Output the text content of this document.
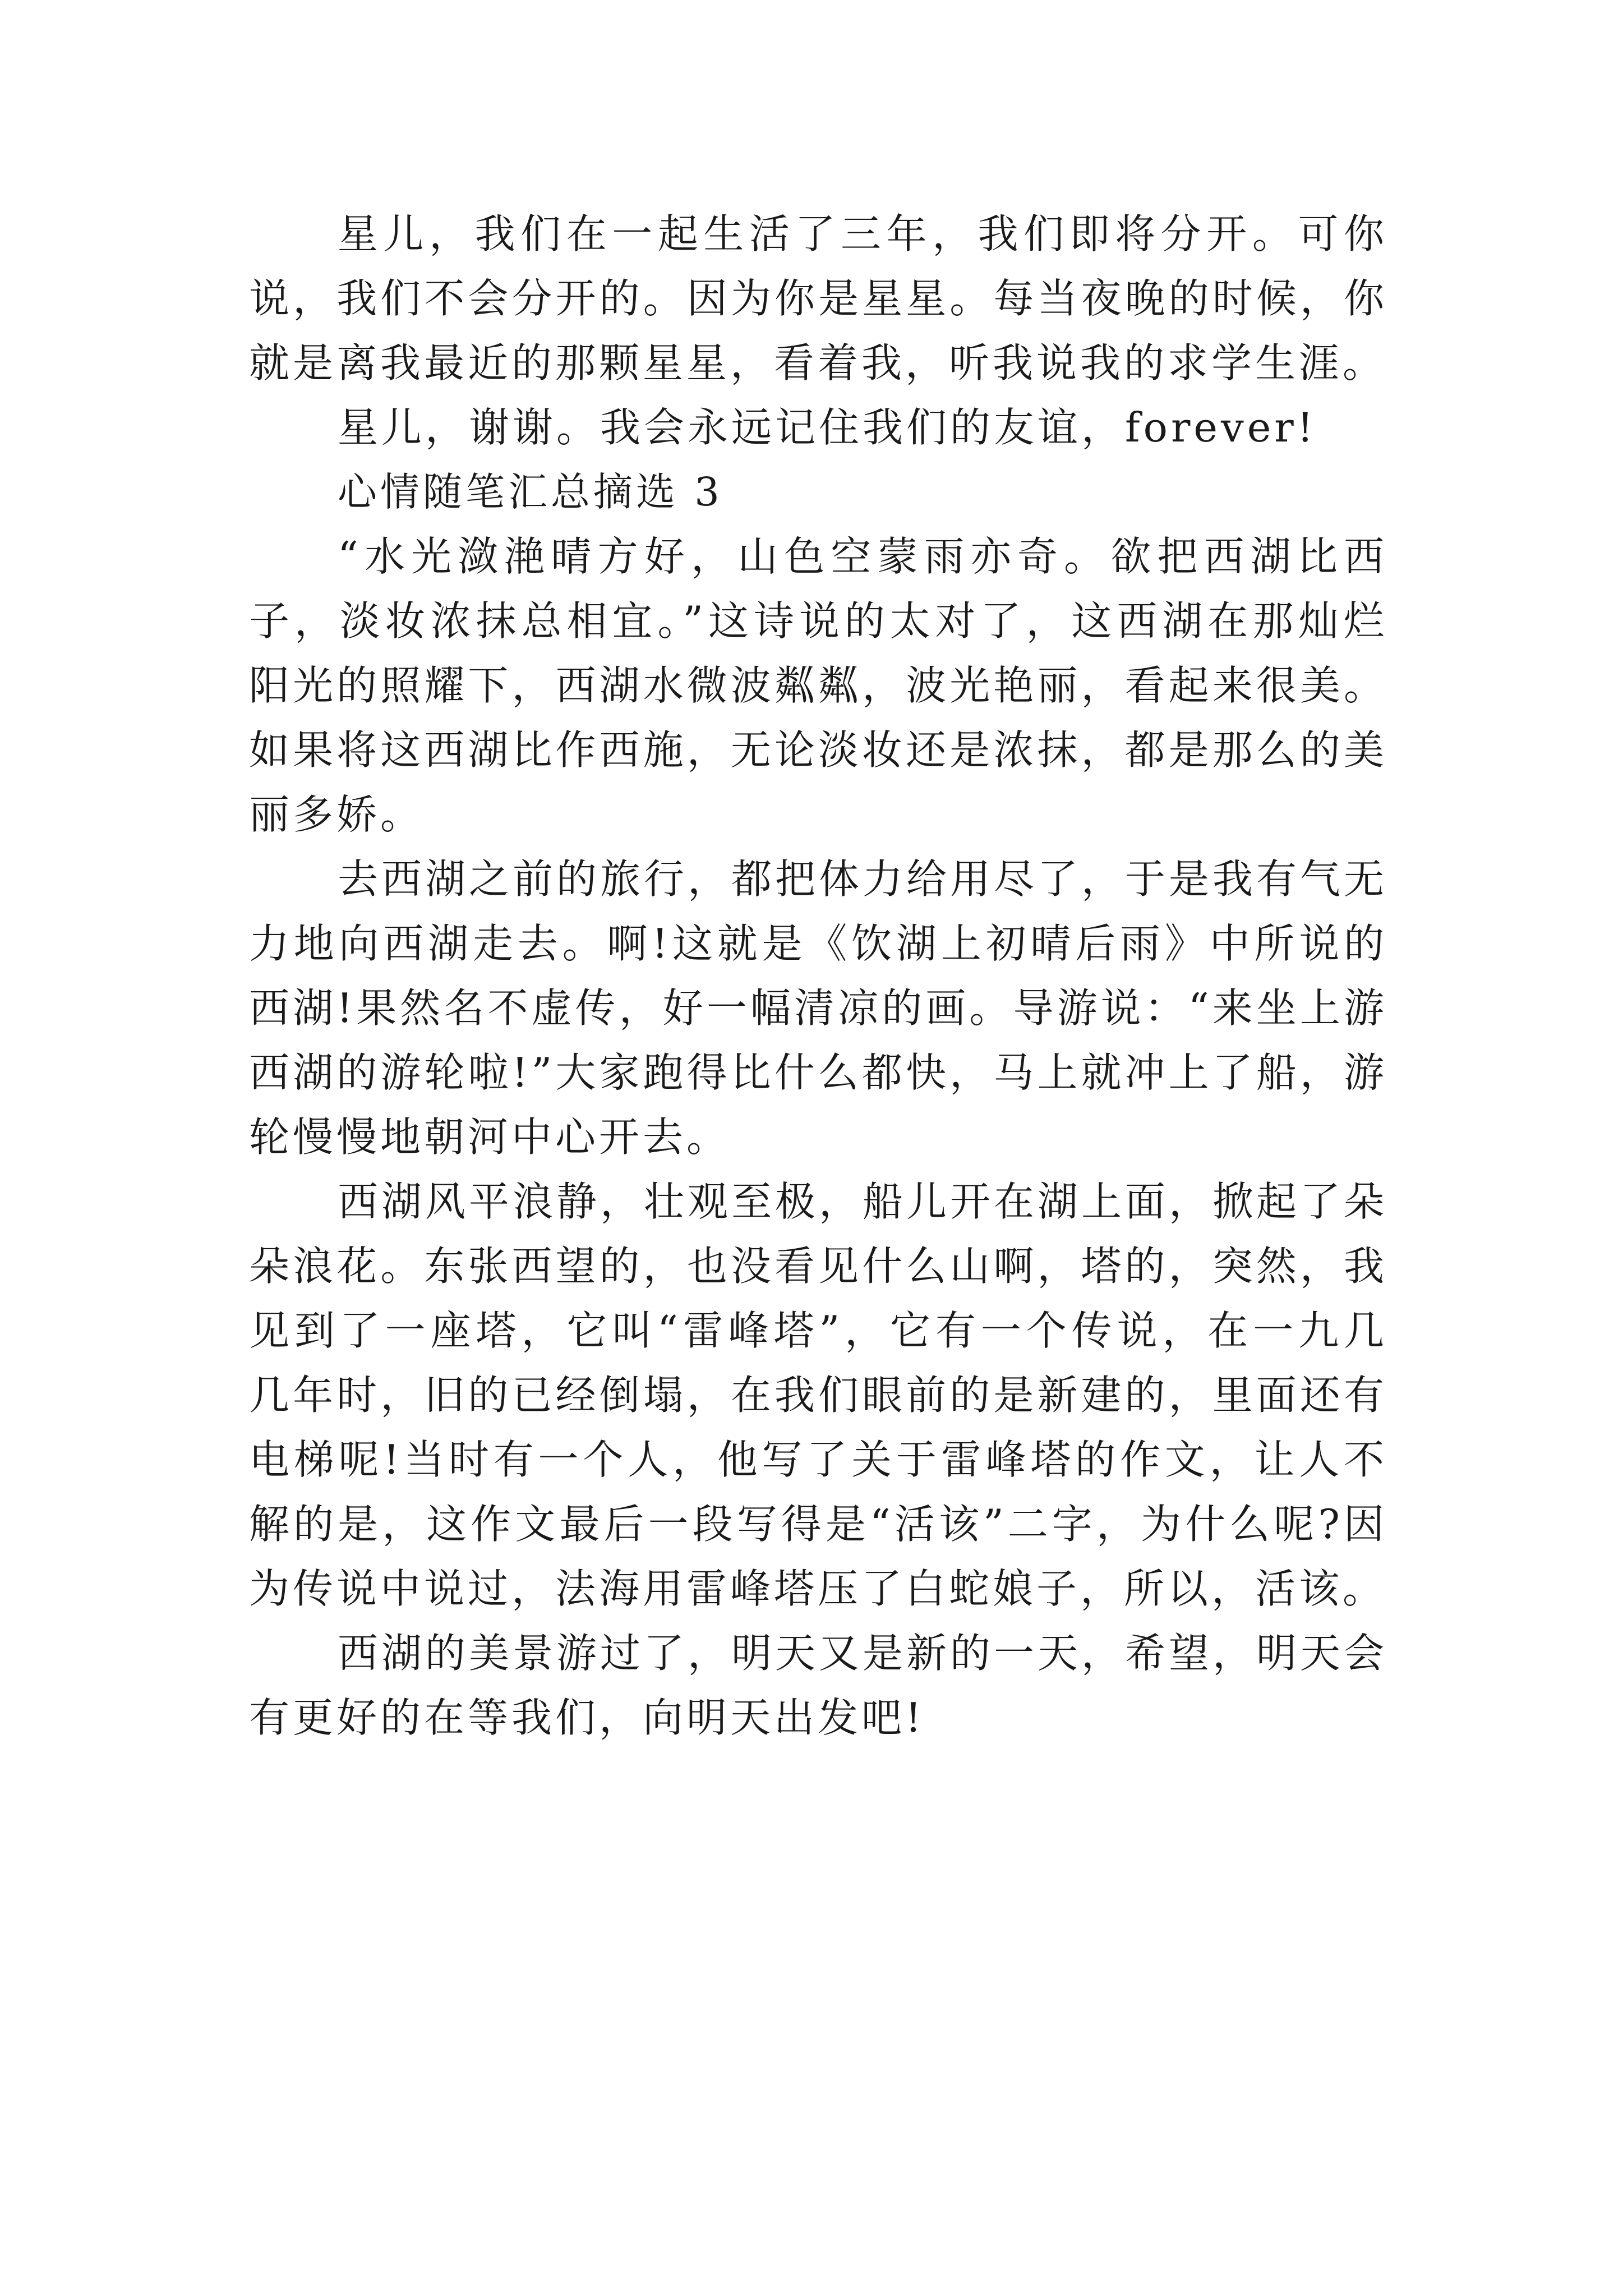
星儿，我们在一起生活了三年，我们即将分开。可你说，我们不会分开的。因为你是星星。每当夜晚的时候，你就是离我最近的那颗星星，看着我，听我说我的求学生涯。

星儿，谢谢。我会永远记住我们的友谊，forever!

心情随笔汇总摘选 3

“水光潋滟晴方好，山色空蒙雨亦奇。欲把西湖比西子，淡妆浓抹总相宜。”这诗说的太对了，这西湖在那灿烂阳光的照耀下，西湖水微波粼粼，波光艳丽，看起来很美。如果将这西湖比作西施，无论淡妆还是浓抹，都是那么的美丽多娇。

去西湖之前的旅行，都把体力给用尽了，于是我有气无力地向西湖走去。啊!这就是《饮湖上初晴后雨》中所说的西湖!果然名不虚传，好一幅清凉的画。导游说：“来坐上游西湖的游轮啦!”大家跑得比什么都快，马上就冲上了船，游轮慢慢地朝河中心开去。

西湖风平浪静，壮观至极，船儿开在湖上面，掀起了朵朵浪花。东张西望的，也没看见什么山啊，塔的，突然，我见到了一座塔，它叫“雷峰塔”，它有一个传说，在一九几几年时，旧的已经倒塌，在我们眼前的是新建的，里面还有电梯呢!当时有一个人，他写了关于雷峰塔的作文，让人不解的是，这作文最后一段写得是“活该”二字，为什么呢?因为传说中说过，法海用雷峰塔压了白蛇娘子，所以，活该。

西湖的美景游过了，明天又是新的一天，希望，明天会有更好的在等我们，向明天出发吧!
